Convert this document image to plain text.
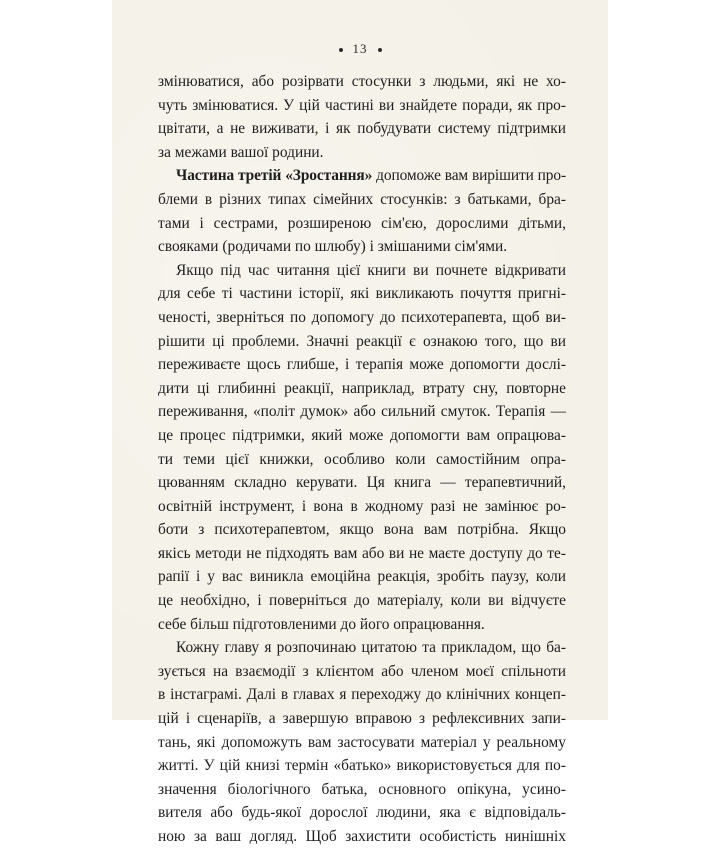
13
змінюватися, або розірвати стосунки з людьми, які не хо-
чуть змінюватися. У цій частині ви знайдете поради, як про-
цвітати, а не виживати, і як побудувати систему підтримки
за межами вашої родини.
Частина третій «Зростання» допоможе вам вирішити про-
блеми в різних типах сімейних стосунків: з батьками, бра-
тами і сестрами, розширеною сім'єю, дорослими дітьми,
свояками (родичами по шлюбу) і змішаними сім'ями.
Якщо під час читання цієї книги ви почнете відкривати
для себе ті частини історії, які викликають почуття пригні-
ченості, зверніться по допомогу до психотерапевта, щоб ви-
рішити ці проблеми. Значні реакції є ознакою того, що ви
переживаєте щось глибше, і терапія може допомогти дослі-
дити ці глибинні реакції, наприклад, втрату сну, повторне
переживання, «політ думок» або сильний смуток. Терапія —
це процес підтримки, який може допомогти вам опрацюва-
ти теми цієї книжки, особливо коли самостійним опра-
цюванням складно керувати. Ця книга — терапевтичний,
освітній інструмент, і вона в жодному разі не замінює ро-
боти з психотерапевтом, якщо вона вам потрібна. Якщо
якісь методи не підходять вам або ви не маєте доступу до те-
рапії і у вас виникла емоційна реакція, зробіть паузу, коли
це необхідно, і поверніться до матеріалу, коли ви відчуєте
себе більш підготовленими до його опрацювання.
Кожну главу я розпочинаю цитатою та прикладом, що ба-
зується на взаємодії з клієнтом або членом моєї спільноти
в інстаграмі. Далі в главах я переходжу до клінічних концеп-
цій і сценаріїв, а завершую вправою з рефлексивних запи-
тань, які допоможуть вам застосувати матеріал у реальному
житті. У цій книзі термін «батько» використовується для по-
значення біологічного батька, основного опікуна, усино-
вителя або будь-якої дорослої людини, яка є відповідаль-
ною за ваш догляд. Щоб захистити особистість нинішніх
